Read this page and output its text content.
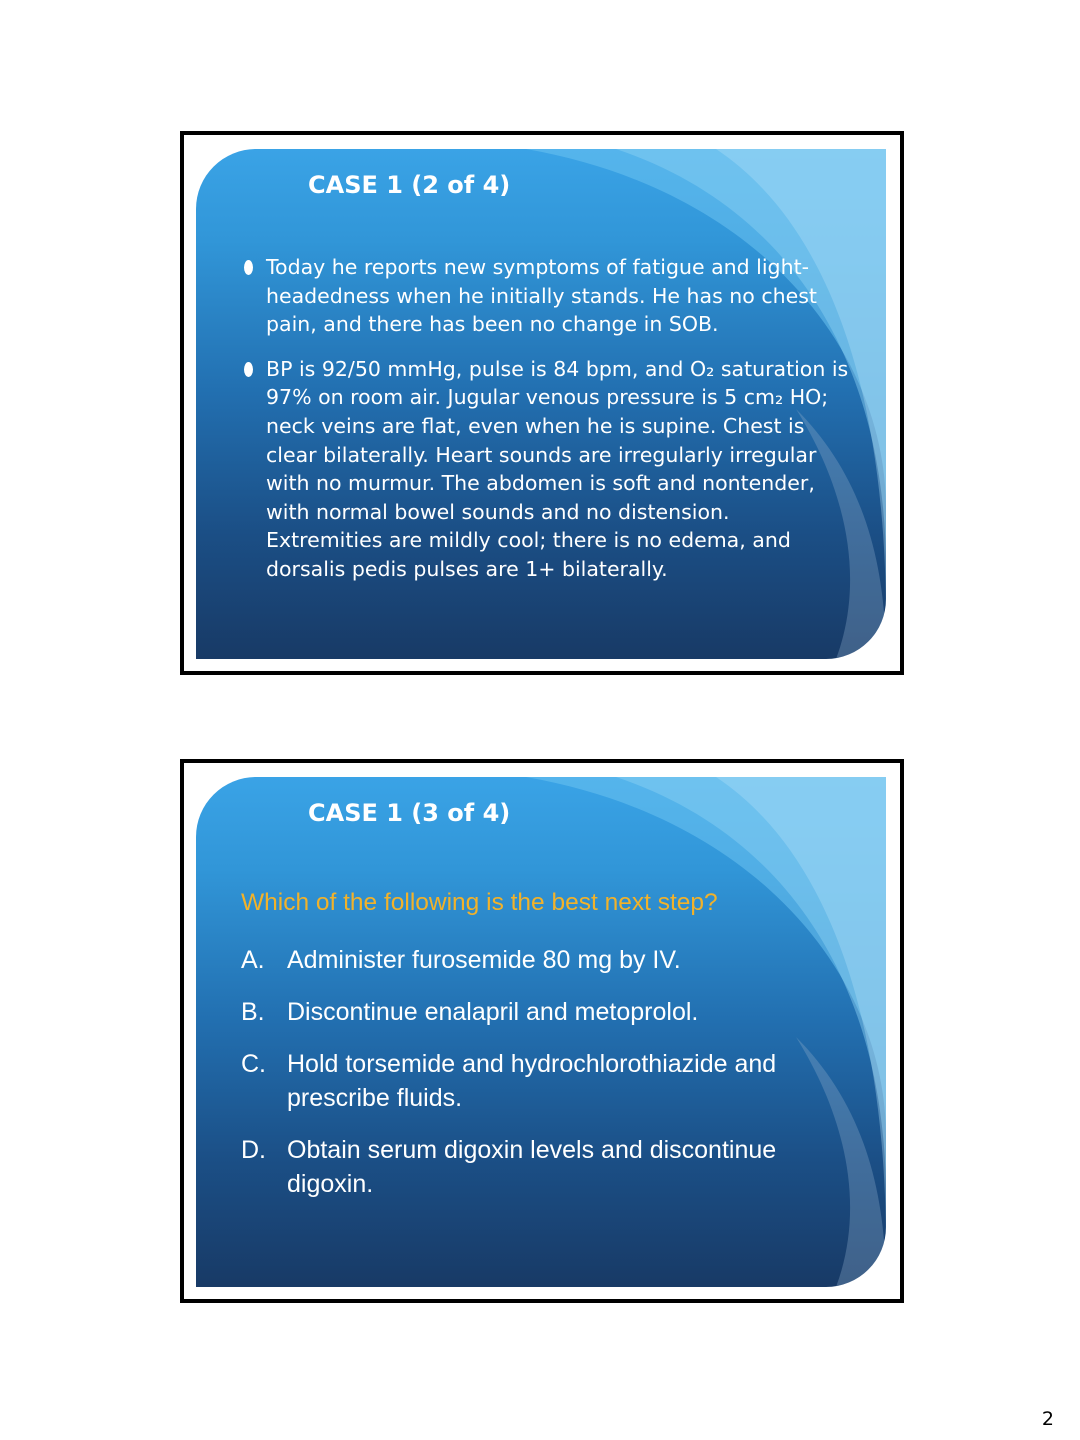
CASE 1 (2 of 4)
Today he reports new symptoms of fatigue and light-headedness when he initially stands. He has no chest pain, and there has been no change in SOB.
BP is 92/50 mmHg, pulse is 84 bpm, and O₂ saturation is 97% on room air. Jugular venous pressure is 5 cm₂ HO; neck veins are flat, even when he is supine. Chest is clear bilaterally. Heart sounds are irregularly irregular with no murmur. The abdomen is soft and nontender, with normal bowel sounds and no distension. Extremities are mildly cool; there is no edema, and dorsalis pedis pulses are 1+ bilaterally.
CASE 1 (3 of 4)
Which of the following is the best next step?
A. Administer furosemide 80 mg by IV.
B. Discontinue enalapril and metoprolol.
C. Hold torsemide and hydrochlorothiazide and prescribe fluids.
D. Obtain serum digoxin levels and discontinue digoxin.
2
